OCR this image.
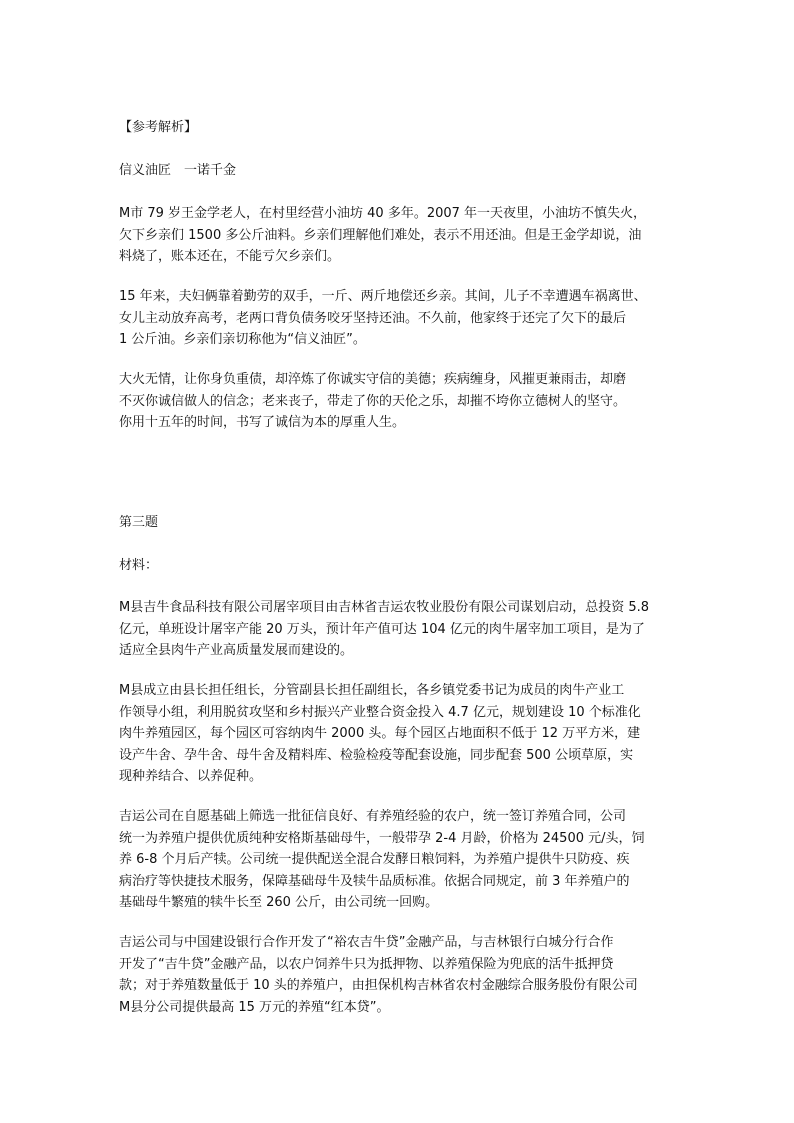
【参考解析】
信义油匠　一诺千金
M市 79 岁王金学老人，在村里经营小油坊 40 多年。2007 年一天夜里，小油坊不慎失火，
欠下乡亲们 1500 多公斤油料。乡亲们理解他们难处，表示不用还油。但是王金学却说，油
料烧了，账本还在，不能亏欠乡亲们。
15 年来，夫妇俩靠着勤劳的双手，一斤、两斤地偿还乡亲。其间，儿子不幸遭遇车祸离世、
女儿主动放弃高考，老两口背负债务咬牙坚持还油。不久前，他家终于还完了欠下的最后
1 公斤油。乡亲们亲切称他为“信义油匠”。
大火无情，让你身负重债，却淬炼了你诚实守信的美德；疾病缠身，风摧更兼雨击，却磨
不灭你诚信做人的信念；老来丧子，带走了你的天伦之乐，却摧不垮你立德树人的坚守。
你用十五年的时间，书写了诚信为本的厚重人生。
第三题
材料：
M县吉牛食品科技有限公司屠宰项目由吉林省吉运农牧业股份有限公司谋划启动，总投资 5.8
亿元，单班设计屠宰产能 20 万头，预计年产值可达 104 亿元的肉牛屠宰加工项目，是为了
适应全县肉牛产业高质量发展而建设的。
M县成立由县长担任组长，分管副县长担任副组长，各乡镇党委书记为成员的肉牛产业工
作领导小组，利用脱贫攻坚和乡村振兴产业整合资金投入 4.7 亿元，规划建设 10 个标准化
肉牛养殖园区，每个园区可容纳肉牛 2000 头。每个园区占地面积不低于 12 万平方米，建
设产牛舍、孕牛舍、母牛舍及精料库、检验检疫等配套设施，同步配套 500 公顷草原，实
现种养结合、以养促种。
吉运公司在自愿基础上筛选一批征信良好、有养殖经验的农户，统一签订养殖合同，公司
统一为养殖户提供优质纯种安格斯基础母牛，一般带孕 2-4 月龄，价格为 24500 元/头，饲
养 6-8 个月后产犊。公司统一提供配送全混合发酵日粮饲料，为养殖户提供牛只防疫、疾
病治疗等快捷技术服务，保障基础母牛及犊牛品质标准。依据合同规定，前 3 年养殖户的
基础母牛繁殖的犊牛长至 260 公斤，由公司统一回购。
吉运公司与中国建设银行合作开发了“裕农吉牛贷”金融产品，与吉林银行白城分行合作
开发了“吉牛贷”金融产品，以农户饲养牛只为抵押物、以养殖保险为兜底的活牛抵押贷
款；对于养殖数量低于 10 头的养殖户，由担保机构吉林省农村金融综合服务股份有限公司
M县分公司提供最高 15 万元的养殖“红本贷”。
